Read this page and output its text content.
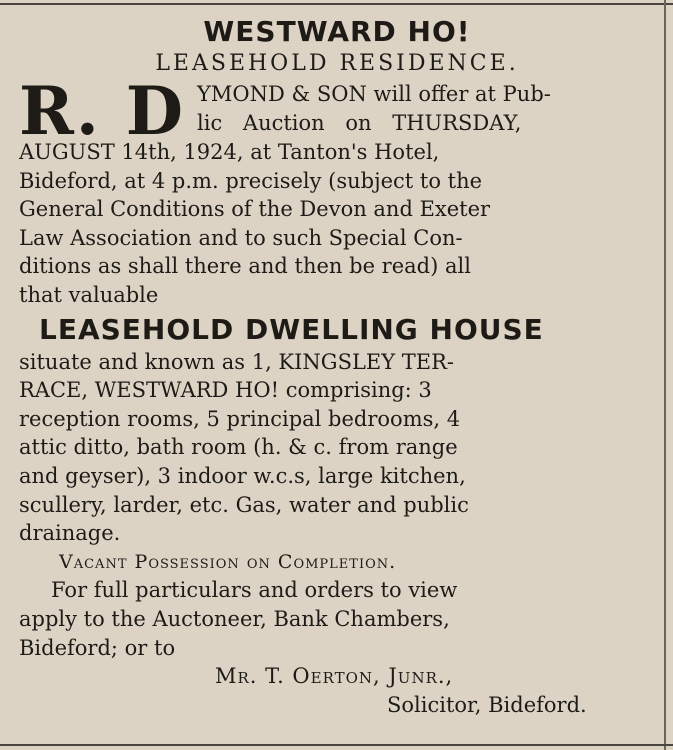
WESTWARD HO!
LEASEHOLD RESIDENCE.
R. D YMOND & SON will offer at Pub-
lic Auction on THURSDAY,
AUGUST 14th, 1924, at Tanton's Hotel,
Bideford, at 4 p.m. precisely (subject to the
General Conditions of the Devon and Exeter
Law Association and to such Special Con-
ditions as shall there and then be read) all
that valuable
LEASEHOLD DWELLING HOUSE
situate and known as 1, KINGSLEY TER-
RACE, WESTWARD HO! comprising: 3
reception rooms, 5 principal bedrooms, 4
attic ditto, bath room (h. & c. from range
and geyser), 3 indoor w.c.s, large kitchen,
scullery, larder, etc. Gas, water and public
drainage.
Vacant Possession on Completion.
For full particulars and orders to view
apply to the Auctoneer, Bank Chambers,
Bideford; or to
Mr. T. Oerton, Junr.,
Solicitor, Bideford.
